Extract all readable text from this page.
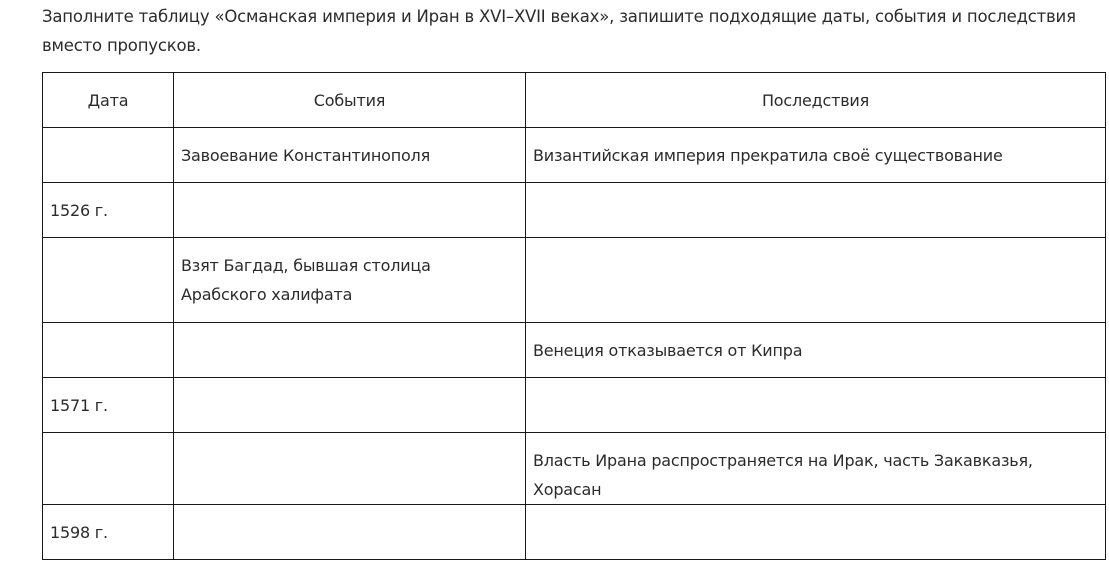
Заполните таблицу «Османская империя и Иран в XVI–XVII веках», запишите подходящие даты, события и последствия вместо пропусков.

Дата	События	Последствия
	Завоевание Константинополя	Византийская империя прекратила своё существование
1526 г.		
	Взят Багдад, бывшая столица Арабского халифата	
		Венеция отказывается от Кипра
1571 г.		
		Власть Ирана распространяется на Ирак, часть Закавказья, Хорасан
1598 г.		
